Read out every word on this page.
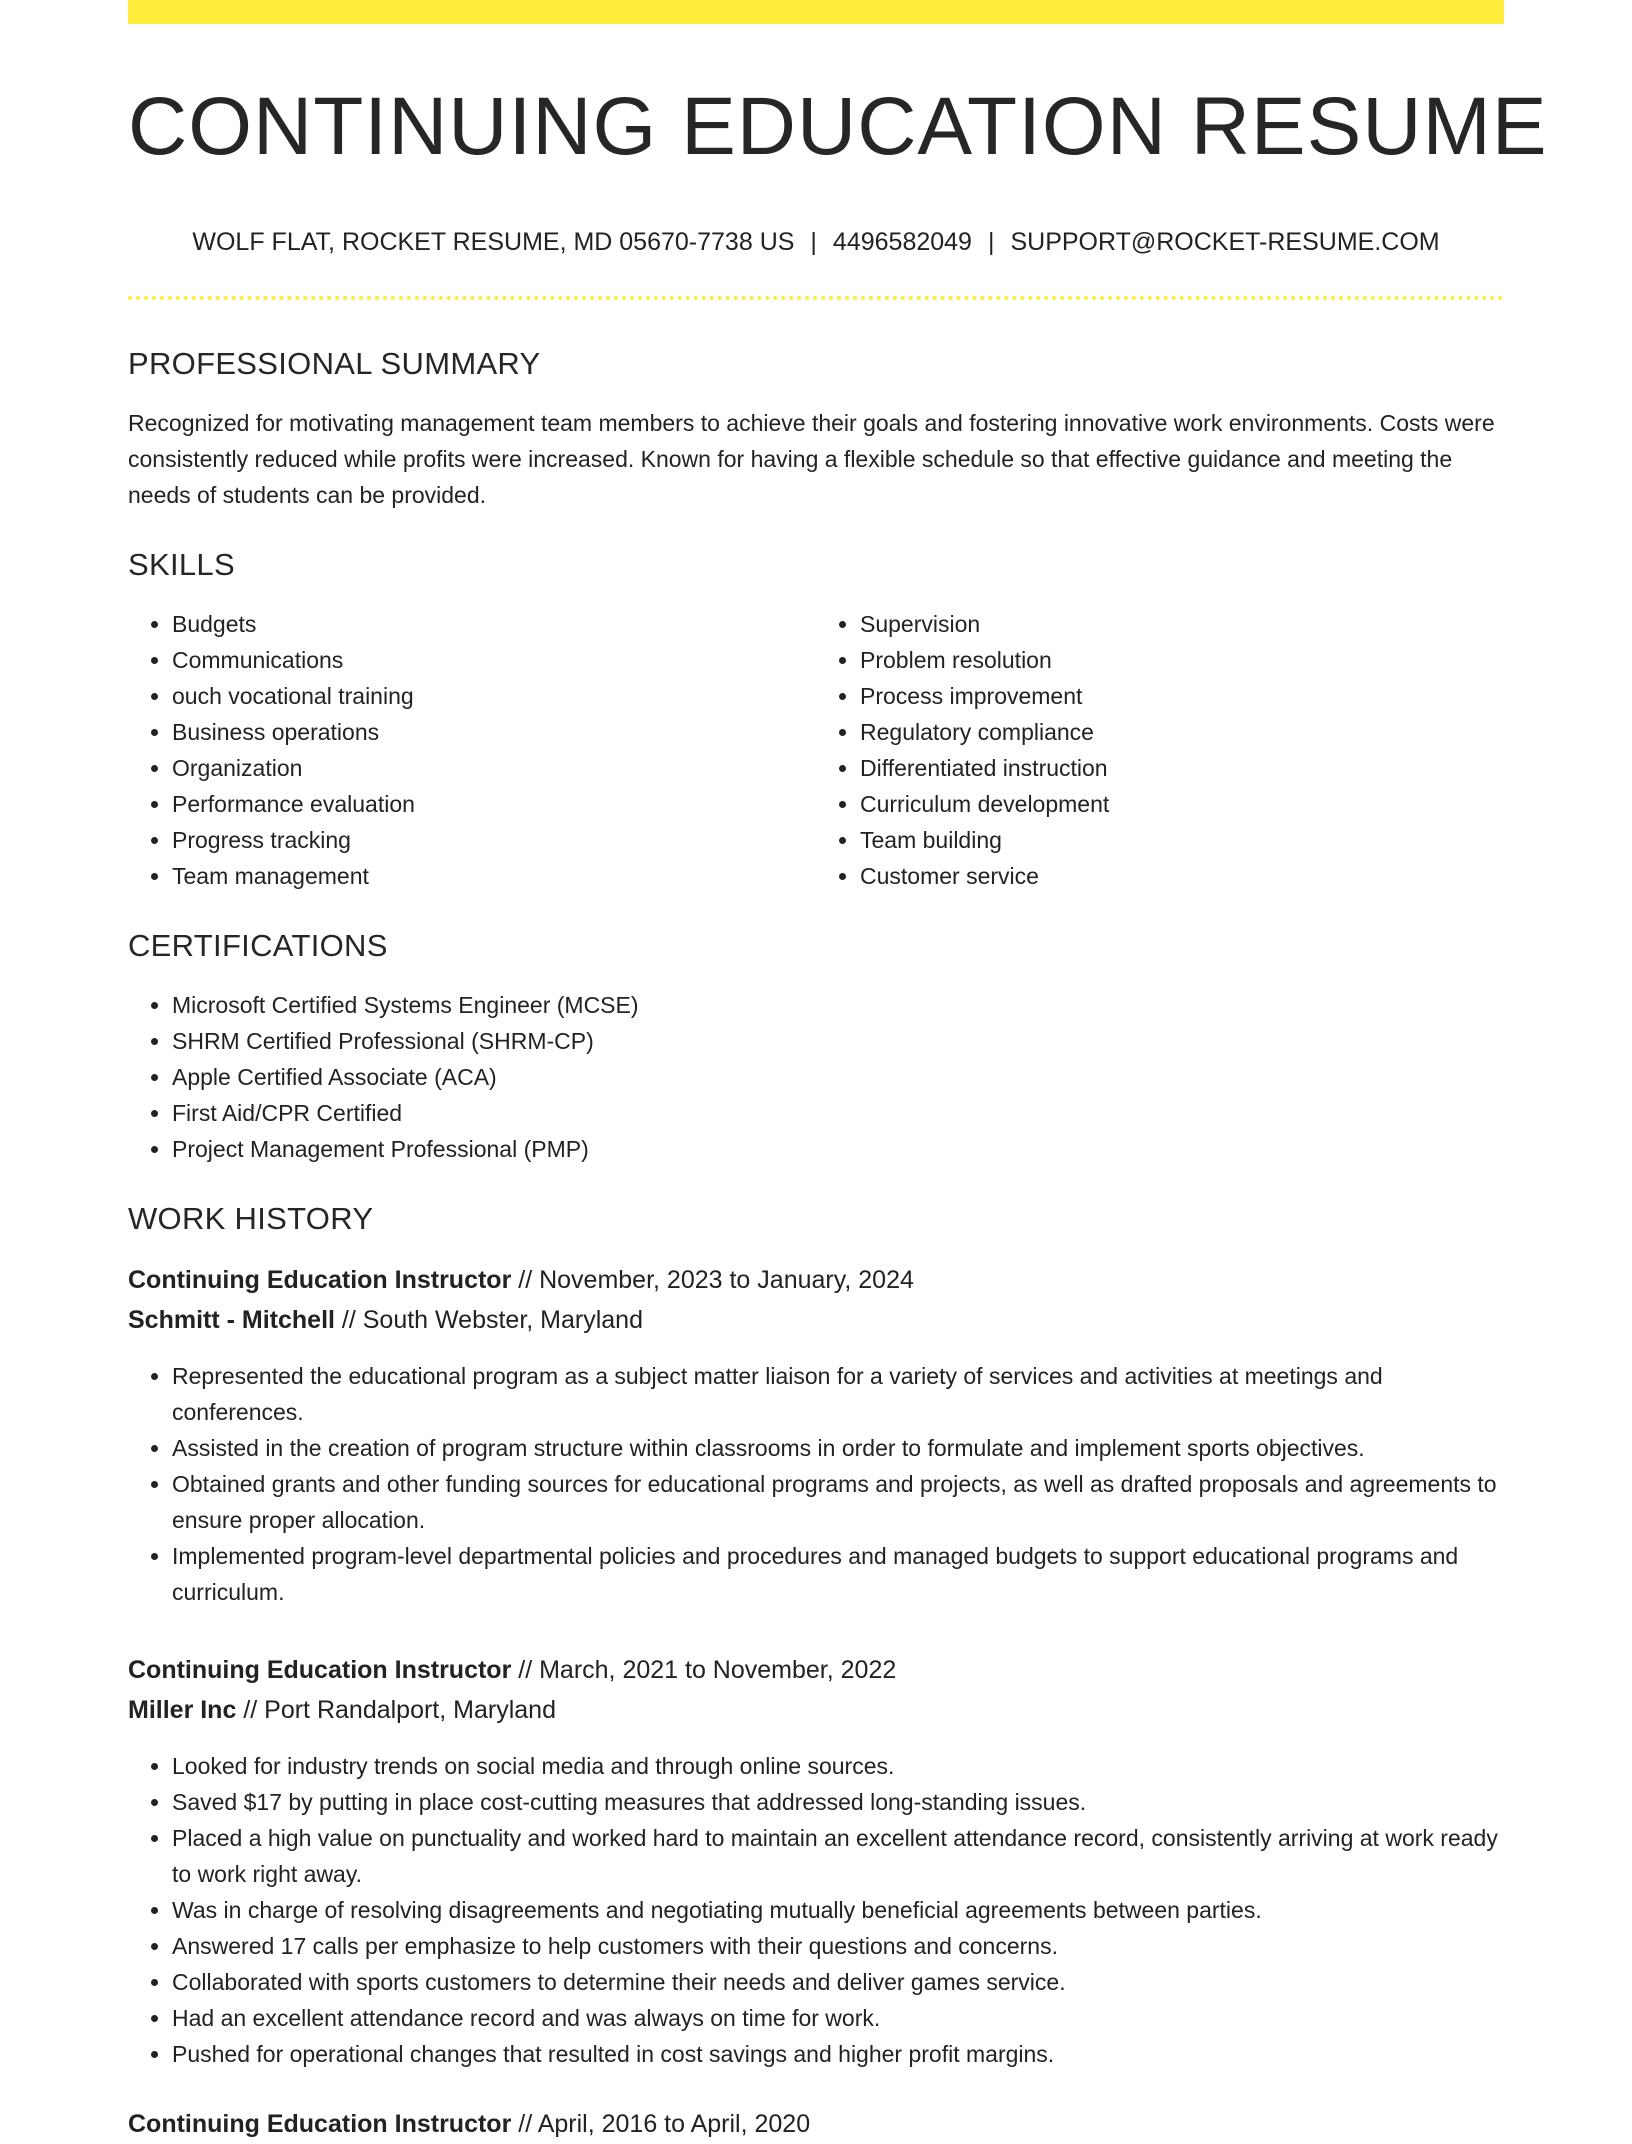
CONTINUING EDUCATION RESUME
WOLF FLAT, ROCKET RESUME, MD 05670-7738 US | 4496582049 | SUPPORT@ROCKET-RESUME.COM
PROFESSIONAL SUMMARY
Recognized for motivating management team members to achieve their goals and fostering innovative work environments. Costs were consistently reduced while profits were increased. Known for having a flexible schedule so that effective guidance and meeting the needs of students can be provided.
SKILLS
• Budgets
• Communications
• ouch vocational training
• Business operations
• Organization
• Performance evaluation
• Progress tracking
• Team management
• Supervision
• Problem resolution
• Process improvement
• Regulatory compliance
• Differentiated instruction
• Curriculum development
• Team building
• Customer service
CERTIFICATIONS
• Microsoft Certified Systems Engineer (MCSE)
• SHRM Certified Professional (SHRM-CP)
• Apple Certified Associate (ACA)
• First Aid/CPR Certified
• Project Management Professional (PMP)
WORK HISTORY
Continuing Education Instructor // November, 2023 to January, 2024
Schmitt - Mitchell // South Webster, Maryland
• Represented the educational program as a subject matter liaison for a variety of services and activities at meetings and conferences.
• Assisted in the creation of program structure within classrooms in order to formulate and implement sports objectives.
• Obtained grants and other funding sources for educational programs and projects, as well as drafted proposals and agreements to ensure proper allocation.
• Implemented program-level departmental policies and procedures and managed budgets to support educational programs and curriculum.
Continuing Education Instructor // March, 2021 to November, 2022
Miller Inc // Port Randalport, Maryland
• Looked for industry trends on social media and through online sources.
• Saved $17 by putting in place cost-cutting measures that addressed long-standing issues.
• Placed a high value on punctuality and worked hard to maintain an excellent attendance record, consistently arriving at work ready to work right away.
• Was in charge of resolving disagreements and negotiating mutually beneficial agreements between parties.
• Answered 17 calls per emphasize to help customers with their questions and concerns.
• Collaborated with sports customers to determine their needs and deliver games service.
• Had an excellent attendance record and was always on time for work.
• Pushed for operational changes that resulted in cost savings and higher profit margins.
Continuing Education Instructor // April, 2016 to April, 2020
